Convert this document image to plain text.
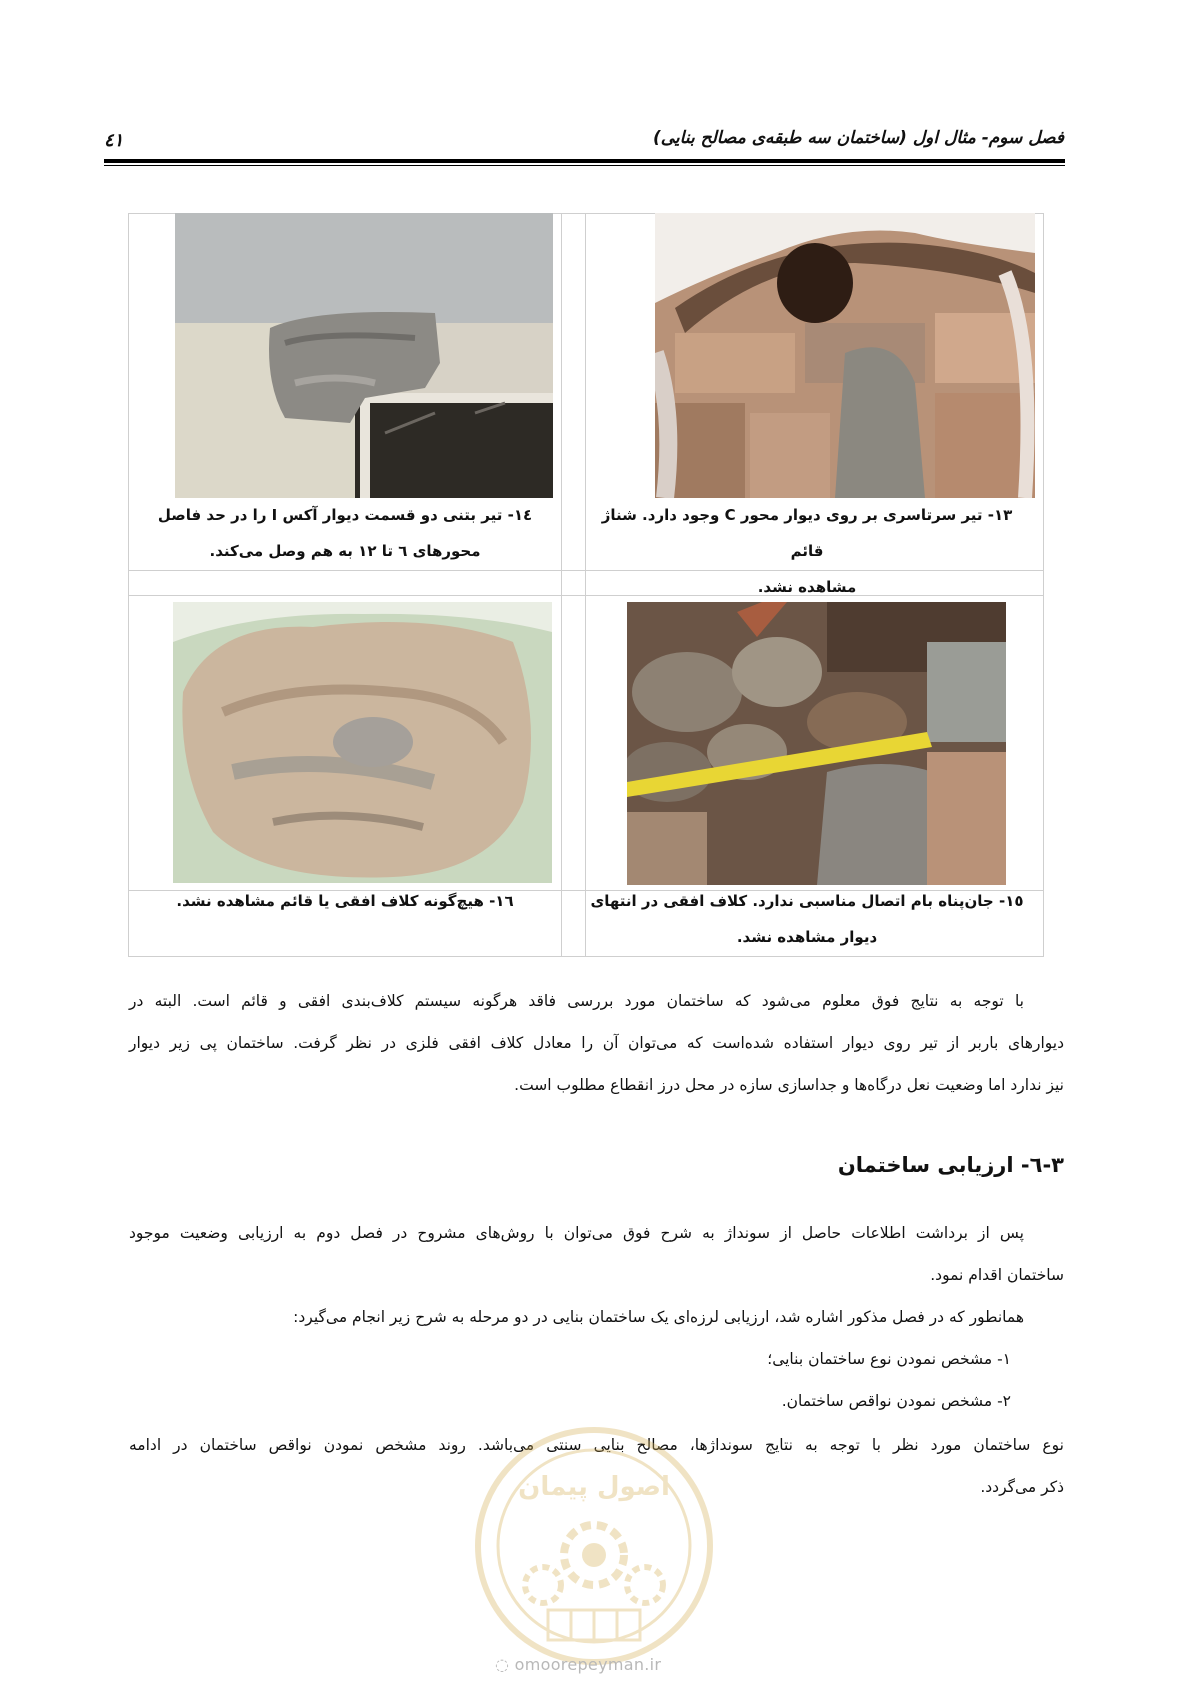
فصل سوم- مثال اول (ساختمان سه طبقه‌ی مصالح بنایی)
٤١
١٣- تیر سرتاسری بر روی دیوار محور C وجود دارد. شناژ قائم
مشاهده نشد.
١٤- تیر بتنی دو قسمت دیوار آکس I را در حد فاصل
محورهای ٦ تا ١٢ به هم وصل می‌کند.
١٥- جان‌پناه بام اتصال مناسبی ندارد. کلاف افقی در انتهای
دیوار مشاهده نشد.
١٦- هیچ‌گونه کلاف افقی یا قائم مشاهده نشد.
با توجه به نتایج فوق معلوم می‌شود که ساختمان مورد بررسی فاقد هرگونه سیستم کلاف‌بندی افقی و قائم است. البته در
دیوارهای باربر از تیر روی دیوار استفاده شده‌است که می‌توان آن را معادل کلاف افقی فلزی در نظر گرفت. ساختمان پی زیر دیوار
نیز ندارد اما وضعیت نعل درگاه‌ها و جداسازی سازه در محل درز انقطاع مطلوب است.
٣-٦- ارزیابی ساختمان
پس از برداشت اطلاعات حاصل از سونداژ به شرح فوق می‌توان با روش‌های مشروح در فصل دوم به ارزیابی وضعیت موجود
ساختمان اقدام نمود.
همانطور که در فصل مذکور اشاره شد، ارزیابی لرزه‌ای یک ساختمان بنایی در دو مرحله به شرح زیر انجام می‌گیرد:
١- مشخص نمودن نوع ساختمان بنایی؛
٢- مشخص نمودن نواقص ساختمان.
نوع ساختمان مورد نظر با توجه به نتایج سونداژها، مصالح بنایی سنتی می‌باشد. روند مشخص نمودن نواقص ساختمان در ادامه
ذکر می‌گردد.
اصول پیمان
◌ omoorepeyman.ir
